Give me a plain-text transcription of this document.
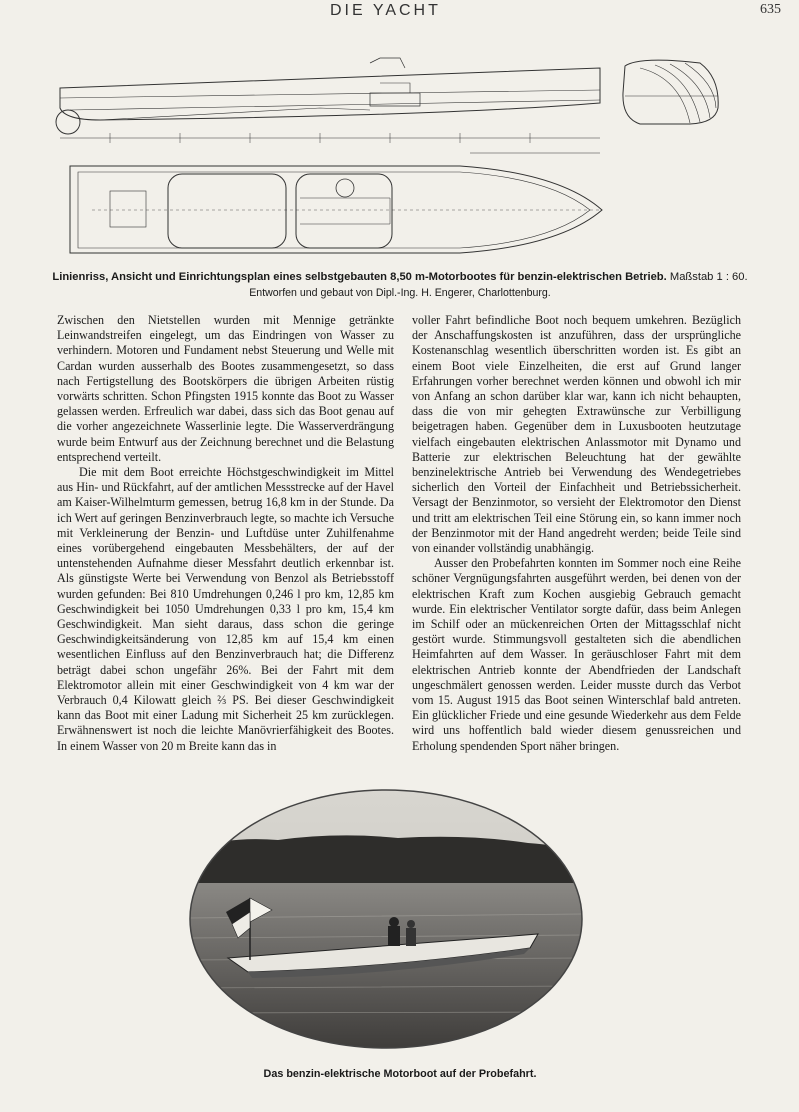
DIE YACHT	635
Linienriss, Ansicht und Einrichtungsplan eines selbstgebauten 8,50 m-Motorbootes für benzin-elektrischen Betrieb. Maßstab 1 : 60.
Entworfen und gebaut von Dipl.-Ing. H. Engerer, Charlottenburg.

Zwischen den Nietstellen wurden mit Mennige getränkte Leinwandstreifen eingelegt, um das Eindringen von Wasser zu verhindern. Motoren und Fundament nebst Steuerung und Welle mit Cardan wurden ausserhalb des Bootes zusammengesetzt, so dass nach Fertigstellung des Bootskörpers die übrigen Arbeiten rüstig vorwärts schritten. Schon Pfingsten 1915 konnte das Boot zu Wasser gelassen werden. Erfreulich war dabei, dass sich das Boot genau auf die vorher angezeichnete Wasserlinie legte. Die Wasserverdrängung wurde beim Entwurf aus der Zeichnung berechnet und die Belastung entsprechend verteilt.

Die mit dem Boot erreichte Höchstgeschwindigkeit im Mittel aus Hin- und Rückfahrt, auf der amtlichen Messstrecke auf der Havel am Kaiser-Wilhelmturm gemessen, betrug 16,8 km in der Stunde. Da ich Wert auf geringen Benzinverbrauch legte, so machte ich Versuche mit Verkleinerung der Benzin- und Luftdüse unter Zuhilfenahme eines vorübergehend eingebauten Messbehälters, der auf der untenstehenden Aufnahme dieser Messfahrt deutlich erkennbar ist. Als günstigste Werte bei Verwendung von Benzol als Betriebsstoff wurden gefunden: Bei 810 Umdrehungen 0,246 l pro km, 12,85 km Geschwindigkeit bei 1050 Umdrehungen 0,33 l pro km, 15,4 km Geschwindigkeit. Man sieht daraus, dass schon die geringe Geschwindigkeitsänderung von 12,85 km auf 15,4 km einen wesentlichen Einfluss auf den Benzinverbrauch hat; die Differenz beträgt dabei schon ungefähr 26%. Bei der Fahrt mit dem Elektromotor allein mit einer Geschwindigkeit von 4 km war der Verbrauch 0,4 Kilowatt gleich ⅔ PS. Bei dieser Geschwindigkeit kann das Boot mit einer Ladung mit Sicherheit 25 km zurücklegen. Erwähnenswert ist noch die leichte Manövrierfähigkeit des Bootes. In einem Wasser von 20 m Breite kann das in

voller Fahrt befindliche Boot noch bequem umkehren. Bezüglich der Anschaffungskosten ist anzuführen, dass der ursprüngliche Kostenanschlag wesentlich überschritten worden ist. Es gibt an einem Boot viele Einzelheiten, die erst auf Grund langer Erfahrungen vorher berechnet werden können und obwohl ich mir von Anfang an schon darüber klar war, kann ich nicht behaupten, dass die von mir gehegten Extrawünsche zur Verbilligung beigetragen haben. Gegenüber dem in Luxusbooten heutzutage vielfach eingebauten elektrischen Anlassmotor mit Dynamo und Batterie zur elektrischen Beleuchtung hat der gewählte benzinelektrische Antrieb bei Verwendung des Wendegetriebes sicherlich den Vorteil der Einfachheit und Betriebssicherheit. Versagt der Benzinmotor, so versieht der Elektromotor den Dienst und tritt am elektrischen Teil eine Störung ein, so kann immer noch der Benzinmotor mit der Hand angedreht werden; beide Teile sind von einander vollständig unabhängig.

Ausser den Probefahrten konnten im Sommer noch eine Reihe schöner Vergnügungsfahrten ausgeführt werden, bei denen von der elektrischen Kraft zum Kochen ausgiebig Gebrauch gemacht wurde. Ein elektrischer Ventilator sorgte dafür, dass beim Anlegen im Schilf oder an mückenreichen Orten der Mittagsschlaf nicht gestört wurde. Stimmungsvoll gestalteten sich die abendlichen Heimfahrten auf dem Wasser. In geräuschloser Fahrt mit dem elektrischen Antrieb konnte der Abendfrieden der Landschaft ungeschmälert genossen werden. Leider musste durch das Verbot vom 15. August 1915 das Boot seinen Winterschlaf bald antreten. Ein glücklicher Friede und eine gesunde Wiederkehr aus dem Felde wird uns hoffentlich bald wieder diesem genussreichen und Erholung spendenden Sport näher bringen.

Das benzin-elektrische Motorboot auf der Probefahrt.
